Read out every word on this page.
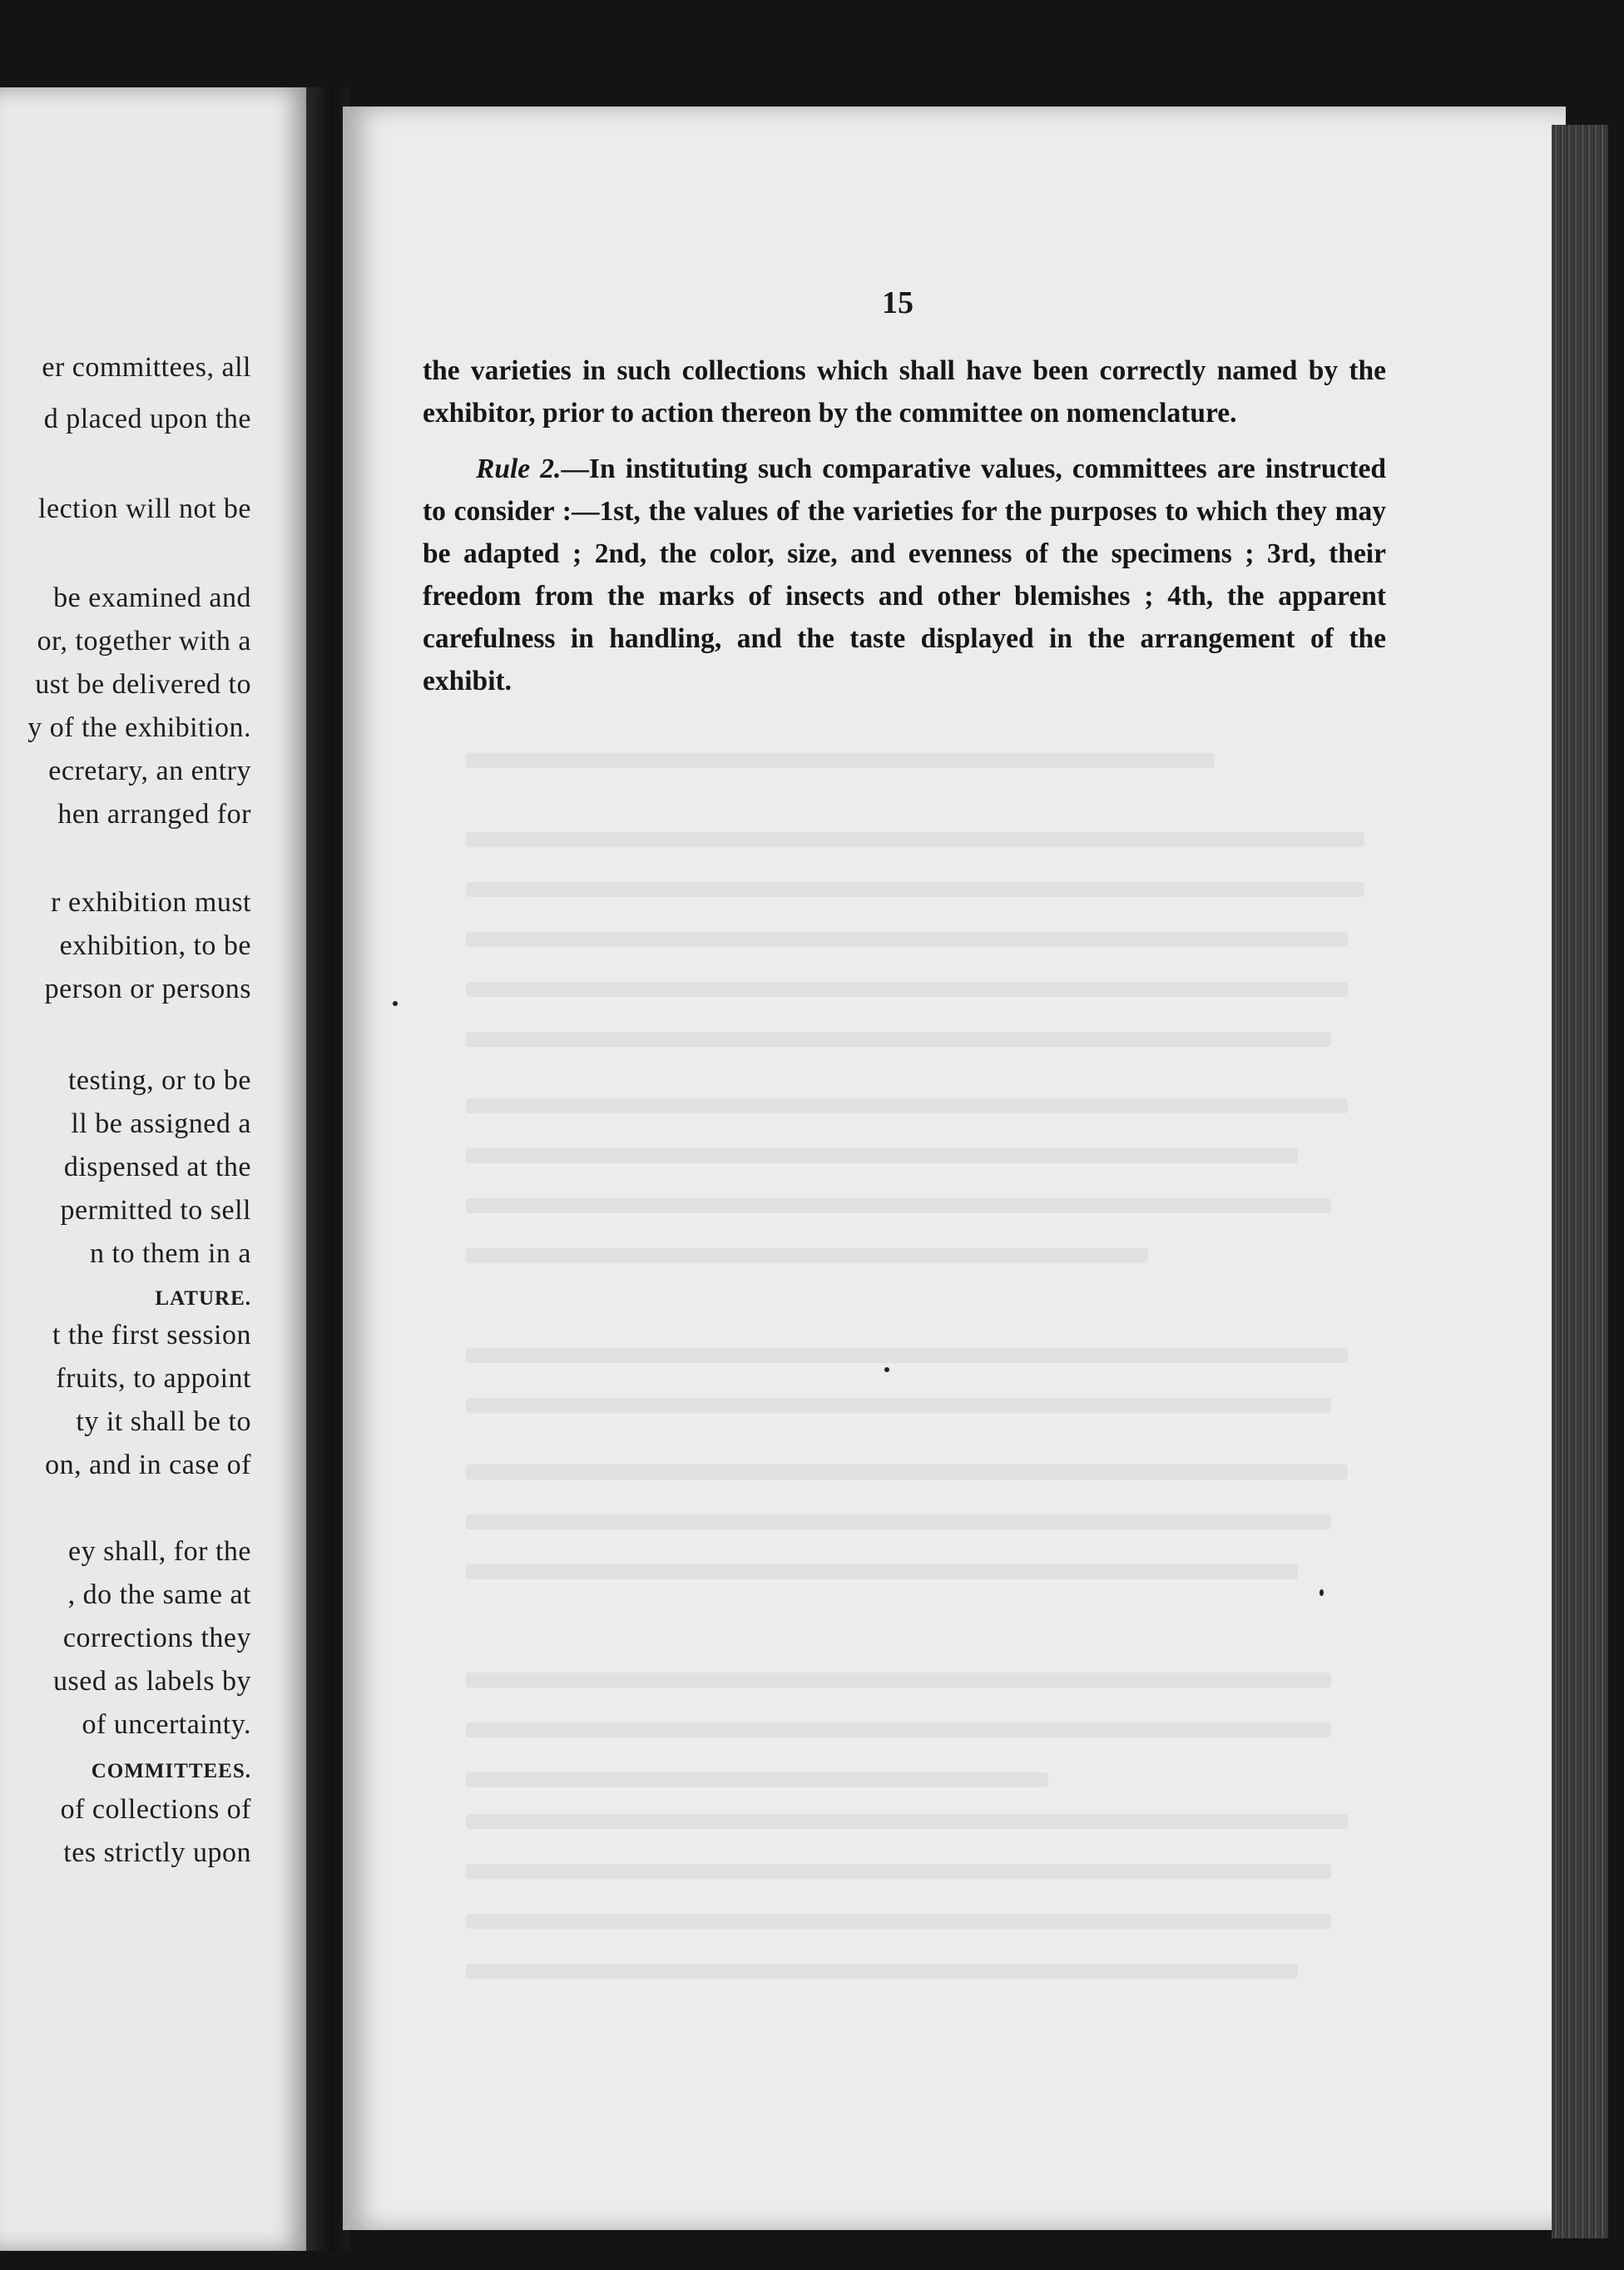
er committees, all
d placed upon the
lection will not be
be examined and
or, together with a
ust be delivered to
y of the exhibition.
ecretary, an entry
hen arranged for
r exhibition must
exhibition, to be
person or persons
testing, or to be
ll be assigned a
dispensed at the
permitted to sell
n to them in a
LATURE.
t the first session
fruits, to appoint
ty it shall be to
on, and in case of
ey shall, for the
, do the same at
corrections they
used as labels by
of uncertainty.
COMMITTEES.
of collections of
tes strictly upon
15

the varieties in such collections which shall have been correctly named by the exhibitor, prior to action thereon by the committee on nomenclature.

Rule 2.—In instituting such comparative values, committees are instructed to consider :—1st, the values of the varieties for the purposes to which they may be adapted ; 2nd, the color, size, and evenness of the specimens ; 3rd, their freedom from the marks of insects and other blemishes ; 4th, the apparent carefulness in handling, and the taste displayed in the arrangement of the exhibit.
